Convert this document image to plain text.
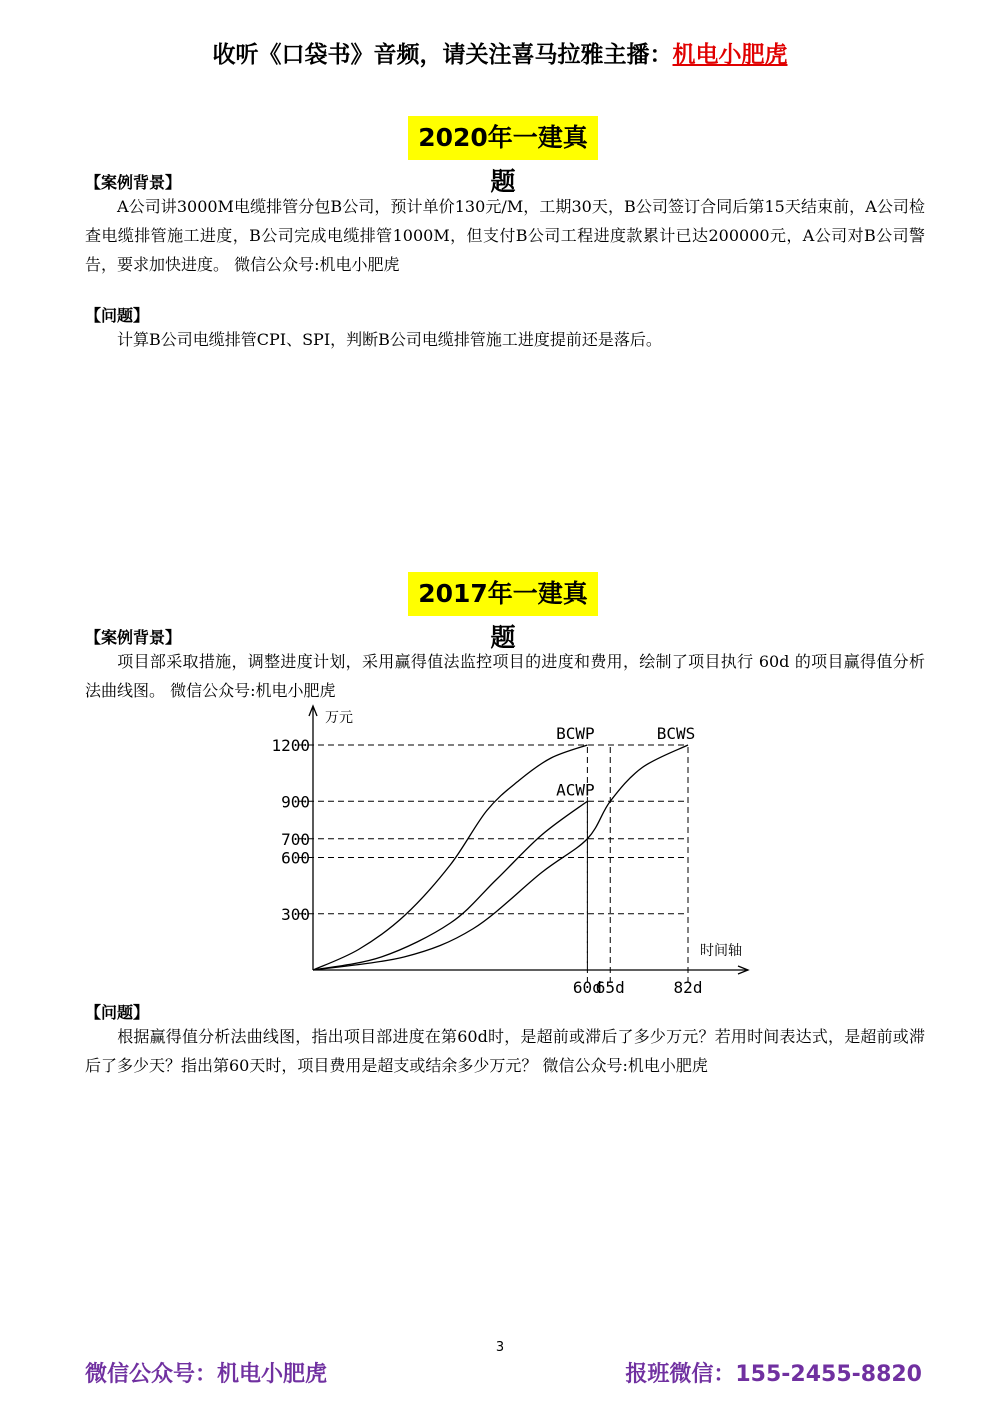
收听《口袋书》音频，请关注喜马拉雅主播：机电小肥虎
2020年一建真题
【案例背景】
A公司讲3000M电缆排管分包B公司，预计单价130元/M，工期30天，B公司签订合同后第15天结束前，A公司检查电缆排管施工进度，B公司完成电缆排管1000M，但支付B公司工程进度款累计已达200000元，A公司对B公司警告，要求加快进度。 微信公众号:机电小肥虎
【问题】
计算B公司电缆排管CPI、SPI，判断B公司电缆排管施工进度提前还是落后。
2017年一建真题
【案例背景】
项目部采取措施，调整进度计划，采用赢得值法监控项目的进度和费用，绘制了项目执行 60d 的项目赢得值分析法曲线图。 微信公众号:机电小肥虎
万元
时间轴
300
600
700
900
1200
60d
65d	82d
BCWP
ACWP
BCWS
【问题】
根据赢得值分析法曲线图，指出项目部进度在第60d时，是超前或滞后了多少万元？若用时间表达式，是超前或滞后了多少天？指出第60天时，项目费用是超支或结余多少万元？ 微信公众号:机电小肥虎
3
微信公众号：机电小肥虎	报班微信：155-2455-8820
